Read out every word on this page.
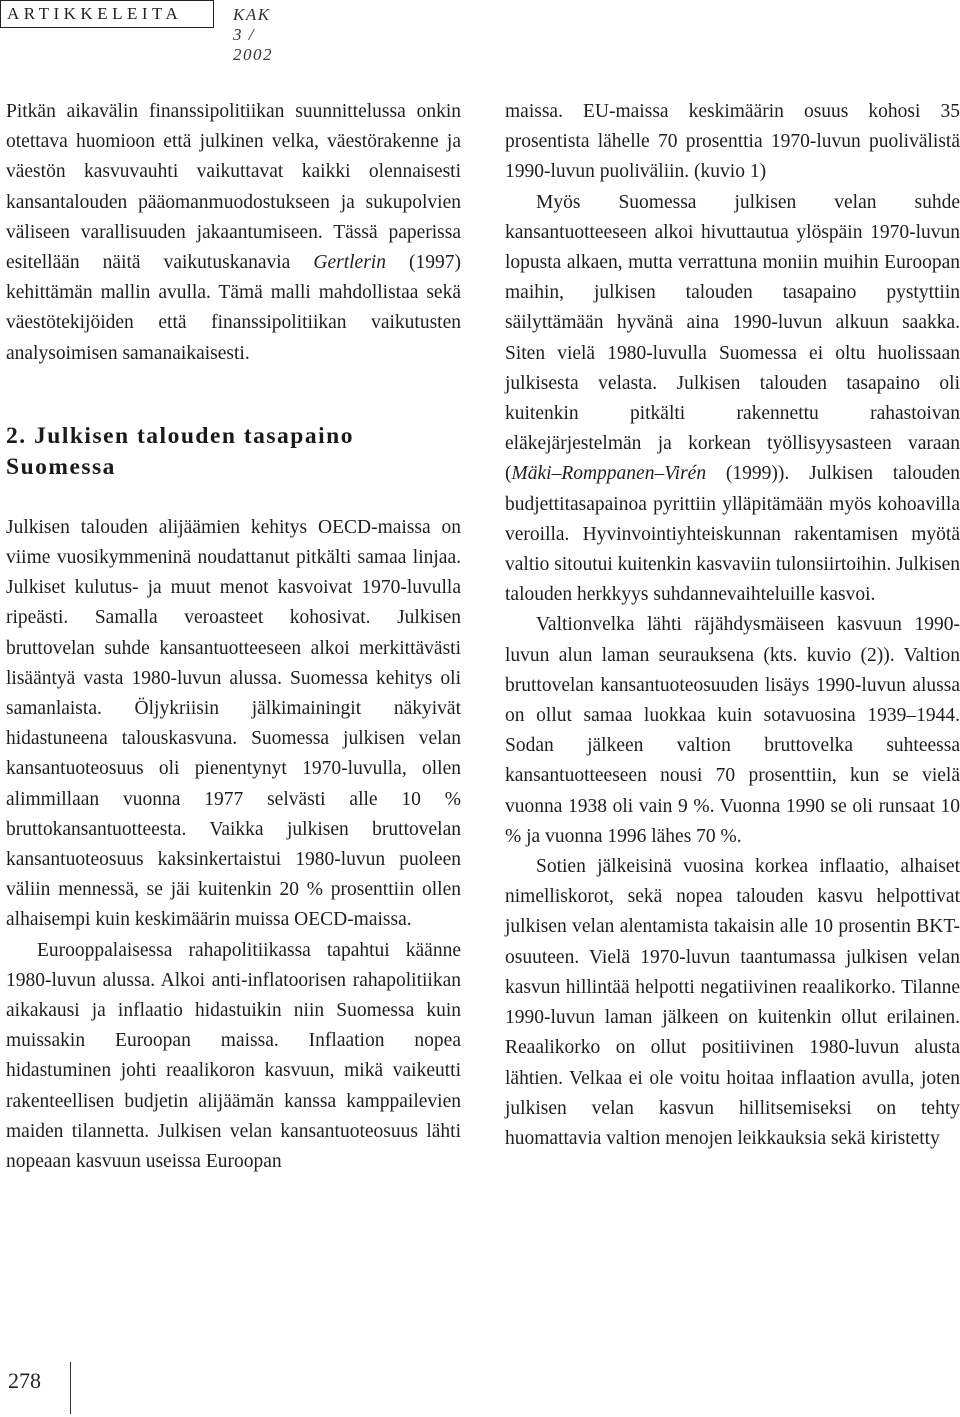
ARTIKKELEITA	KAK 3 / 2002

Pitkän aikavälin finanssipolitiikan suunnittelussa onkin otettava huomioon että julkinen velka, väestörakenne ja väestön kasvuvauhti vaikuttavat kaikki olennaisesti kansantalouden pääomanmuodostukseen ja sukupolvien väliseen varallisuuden jakaantumiseen. Tässä paperissa esitellään näitä vaikutuskanavia Gertlerin (1997) kehittämän mallin avulla. Tämä malli mahdollistaa sekä väestötekijöiden että finanssipolitiikan vaikutusten analysoimisen samanaikaisesti.

2. Julkisen talouden tasapaino Suomessa

Julkisen talouden alijäämien kehitys OECD-maissa on viime vuosikymmeninä noudattanut pitkälti samaa linjaa. Julkiset kulutus- ja muut menot kasvoivat 1970-luvulla ripeästi. Samalla veroasteet kohosivat. Julkisen bruttovelan suhde kansantuotteeseen alkoi merkittävästi lisääntyä vasta 1980-luvun alussa. Suomessa kehitys oli samanlaista. Öljykriisin jälkimainingit näkyivät hidastuneena talouskasvuna. Suomessa julkisen velan kansantuoteosuus oli pienentynyt 1970-luvulla, ollen alimmillaan vuonna 1977 selvästi alle 10 % bruttokansantuotteesta. Vaikka julkisen bruttovelan kansantuoteosuus kaksinkertaistui 1980-luvun puoleen väliin mennessä, se jäi kuitenkin 20 % prosenttiin ollen alhaisempi kuin keskimäärin muissa OECD-maissa.

Eurooppalaisessa rahapolitiikassa tapahtui käänne 1980-luvun alussa. Alkoi anti-inflatoorisen rahapolitiikan aikakausi ja inflaatio hidastuikin niin Suomessa kuin muissakin Euroopan maissa. Inflaation nopea hidastuminen johti reaalikoron kasvuun, mikä vaikeutti rakenteellisen budjetin alijäämän kanssa kamppailevien maiden tilannetta. Julkisen velan kansantuoteosuus lähti nopeaan kasvuun useissa Euroopan

maissa. EU-maissa keskimäärin osuus kohosi 35 prosentista lähelle 70 prosenttia 1970-luvun puolivälistä 1990-luvun puoliväliin. (kuvio 1)

Myös Suomessa julkisen velan suhde kansantuotteeseen alkoi hivuttautua ylöspäin 1970-luvun lopusta alkaen, mutta verrattuna moniin muihin Euroopan maihin, julkisen talouden tasapaino pystyttiin säilyttämään hyvänä aina 1990-luvun alkuun saakka. Siten vielä 1980-luvulla Suomessa ei oltu huolissaan julkisesta velasta. Julkisen talouden tasapaino oli kuitenkin pitkälti rakennettu rahastoivan eläkejärjestelmän ja korkean työllisyysasteen varaan (Mäki–Romppanen–Virén (1999)). Julkisen talouden budjettitasapainoa pyrittiin ylläpitämään myös kohoavilla veroilla. Hyvinvointiyhteiskunnan rakentamisen myötä valtio sitoutui kuitenkin kasvaviin tulonsiirtoihin. Julkisen talouden herkkyys suhdannevaihteluille kasvoi.

Valtionvelka lähti räjähdysmäiseen kasvuun 1990-luvun alun laman seurauksena (kts. kuvio (2)). Valtion bruttovelan kansantuoteosuuden lisäys 1990-luvun alussa on ollut samaa luokkaa kuin sotavuosina 1939–1944. Sodan jälkeen valtion bruttovelka suhteessa kansantuotteeseen nousi 70 prosenttiin, kun se vielä vuonna 1938 oli vain 9 %. Vuonna 1990 se oli runsaat 10 % ja vuonna 1996 lähes 70 %.

Sotien jälkeisinä vuosina korkea inflaatio, alhaiset nimelliskorot, sekä nopea talouden kasvu helpottivat julkisen velan alentamista takaisin alle 10 prosentin BKT-osuuteen. Vielä 1970-luvun taantumassa julkisen velan kasvun hillintää helpotti negatiivinen reaalikorko. Tilanne 1990-luvun laman jälkeen on kuitenkin ollut erilainen. Reaalikorko on ollut positiivinen 1980-luvun alusta lähtien. Velkaa ei ole voitu hoitaa inflaation avulla, joten julkisen velan kasvun hillitsemiseksi on tehty huomattavia valtion menojen leikkauksia sekä kiristetty

278
